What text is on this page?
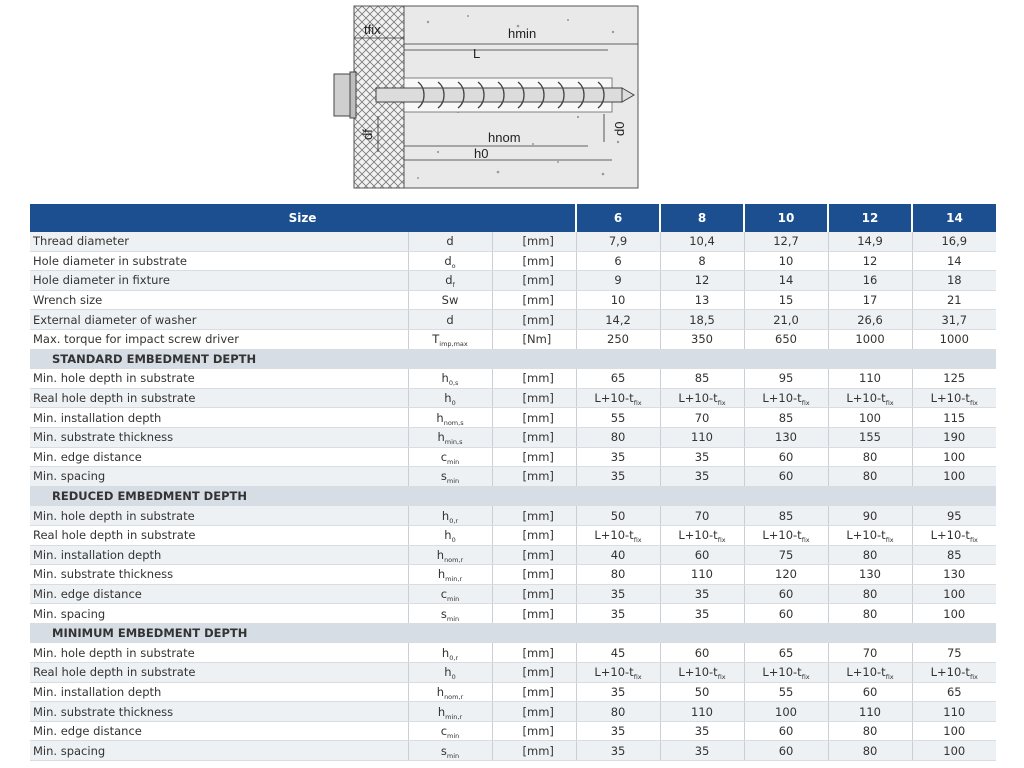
tfix	hmin
L
df	hnom
d0
h0
Size			6	8	10	12	14
Thread diameter	d	[mm]	7,9	10,4	12,7	14,9	16,9
Hole diameter in substrate	$d_o$	[mm]	6	8	10	12	14
Hole diameter in fixture	$d_f$	[mm]	9	12	14	16	18
Wrench size	Sw	[mm]	10	13	15	17	21
External diameter of washer	d	[mm]	14,2	18,5	21,0	26,6	31,7
Max. torque for impact screw driver	$T_{imp,max}$	[Nm]	250	350	650	1000	1000
STANDARD EMBEDMENT DEPTH							
Min. hole depth in substrate	$h_{0,s}$	[mm]	65	85	95	110	125
Real hole depth in substrate	$h_0$	[mm]	$L+10-t_{fix}$	$L+10-t_{fix}$	$L+10-t_{fix}$	$L+10-t_{fix}$	$L+10-t_{fix}$
Min. installation depth	$h_{nom,s}$	[mm]	55	70	85	100	115
Min. substrate thickness	$h_{min,s}$	[mm]	80	110	130	155	190
Min. edge distance	$c_{min}$	[mm]	35	35	60	80	100
Min. spacing	$s_{min}$	[mm]	35	35	60	80	100
REDUCED EMBEDMENT DEPTH							
Min. hole depth in substrate	$h_{0,r}$	[mm]	50	70	85	90	95
Real hole depth in substrate	$h_0$	[mm]	$L+10-t_{fix}$	$L+10-t_{fix}$	$L+10-t_{fix}$	$L+10-t_{fix}$	$L+10-t_{fix}$
Min. installation depth	$h_{nom,r}$	[mm]	40	60	75	80	85
Min. substrate thickness	$h_{min,r}$	[mm]	80	110	120	130	130
Min. edge distance	$c_{min}$	[mm]	35	35	60	80	100
Min. spacing	$s_{min}$	[mm]	35	35	60	80	100
MINIMUM EMBEDMENT DEPTH							
Min. hole depth in substrate	$h_{0,r}$	[mm]	45	60	65	70	75
Real hole depth in substrate	$h_0$	[mm]	$L+10-t_{fix}$	$L+10-t_{fix}$	$L+10-t_{fix}$	$L+10-t_{fix}$	$L+10-t_{fix}$
Min. installation depth	$h_{nom,r}$	[mm]	35	50	55	60	65
Min. substrate thickness	$h_{min,r}$	[mm]	80	110	100	110	110
Min. edge distance	$c_{min}$	[mm]	35	35	60	80	100
Min. spacing	$s_{min}$	[mm]	35	35	60	80	100
